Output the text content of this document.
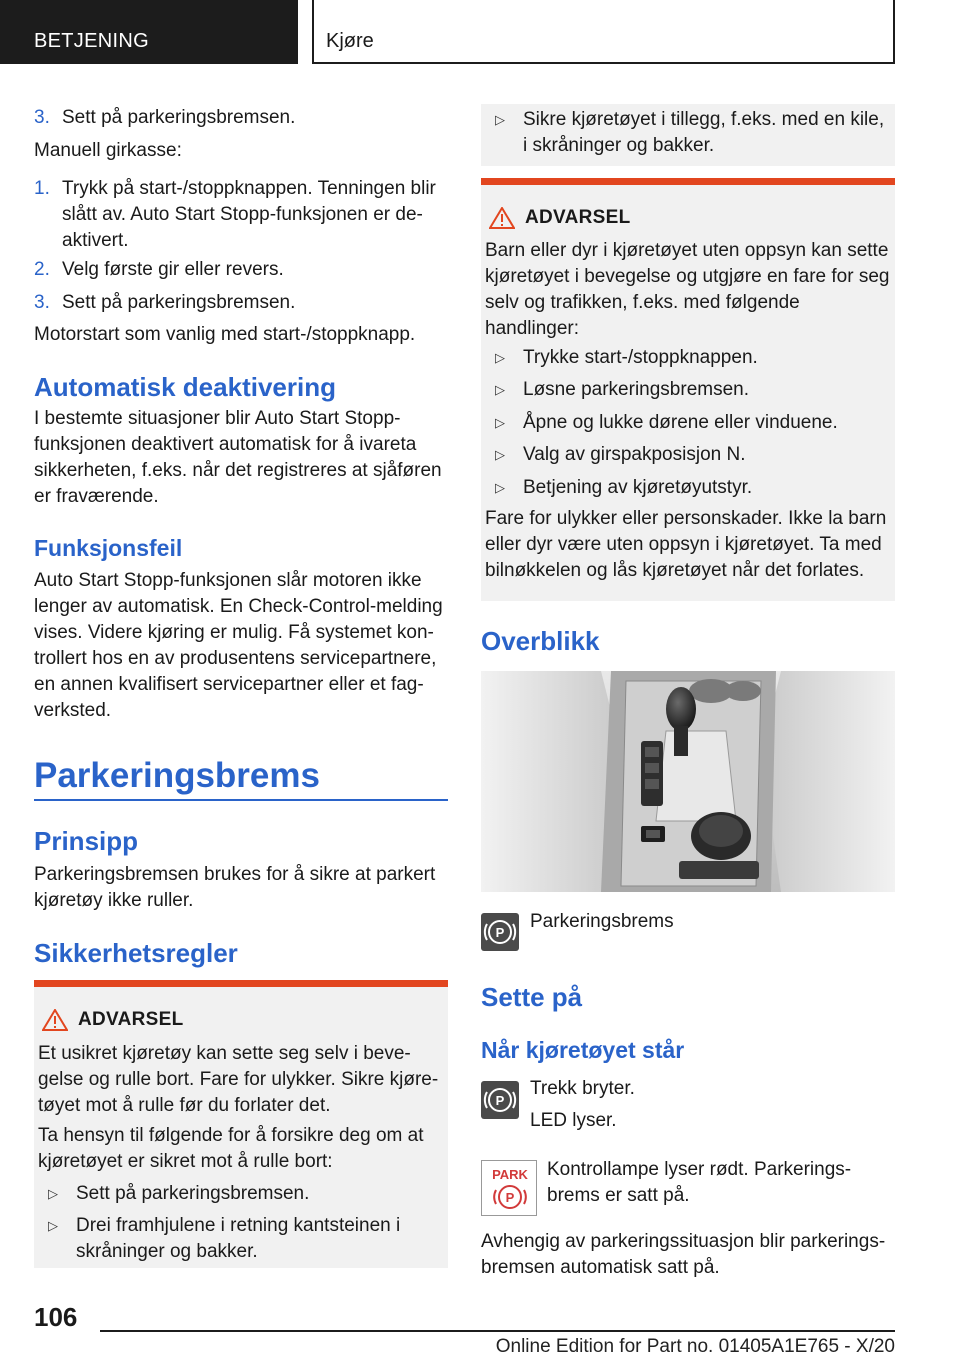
BETJENING	Kjøre
3. Sett på parkeringsbremsen.

Manuell girkasse:

1. Trykk på start-/stoppknappen. Tenningen blir slått av. Auto Start Stopp-funksjonen er deaktivert.
2. Velg første gir eller revers.
3. Sett på parkeringsbremsen.

Motorstart som vanlig med start-/stoppknapp.

Automatisk deaktivering

I bestemte situasjoner blir Auto Start Stopp-funksjonen deaktivert automatisk for å ivareta sikkerheten, f.eks. når det registreres at sjåføren er fraværende.

Funksjonsfeil

Auto Start Stopp-funksjonen slår motoren ikke lenger av automatisk. En Check-Control-melding vises. Videre kjøring er mulig. Få systemet kontrollert hos en av produsentens servicepartnere, en annen kvalifisert servicepartner eller et fagverksted.

Parkeringsbrems
Prinsipp

Parkeringsbremsen brukes for å sikre at parkert kjøretøy ikke ruller.

Sikkerhetsregler
ADVARSEL

Et usikret kjøretøy kan sette seg selv i bevegelse og rulle bort. Fare for ulykker. Sikre kjøretøyet mot å rulle før du forlater det.

Ta hensyn til følgende for å forsikre deg om at kjøretøyet er sikret mot å rulle bort:

▷ Sett på parkeringsbremsen.
▷ Drei framhjulene i retning kantsteinen i skråninger og bakker.
▷ Sikre kjøretøyet i tillegg, f.eks. med en kile, i skråninger og bakker.
ADVARSEL

Barn eller dyr i kjøretøyet uten oppsyn kan sette kjøretøyet i bevegelse og utgjøre en fare for seg selv og trafikken, f.eks. med følgende handlinger:

▷ Trykke start-/stoppknappen.
▷ Løsne parkeringsbremsen.
▷ Åpne og lukke dørene eller vinduene.
▷ Valg av girspakposisjon N.
▷ Betjening av kjøretøyutstyr.

Fare for ulykker eller personskader. Ikke la barn eller dyr være uten oppsyn i kjøretøyet. Ta med bilnøkkelen og lås kjøretøyet når det forlates.

Overblikk
P

Parkeringsbrems

Sette på
Når kjøretøyet står
P

Trekk bryter.

LED lyser.

PARK
P

Kontrollampe lyser rødt. Parkeringsbrems er satt på.

Avhengig av parkeringssituasjon blir parkeringsbremsen automatisk satt på.

106
Online Edition for Part no. 01405A1E765 - X/20
